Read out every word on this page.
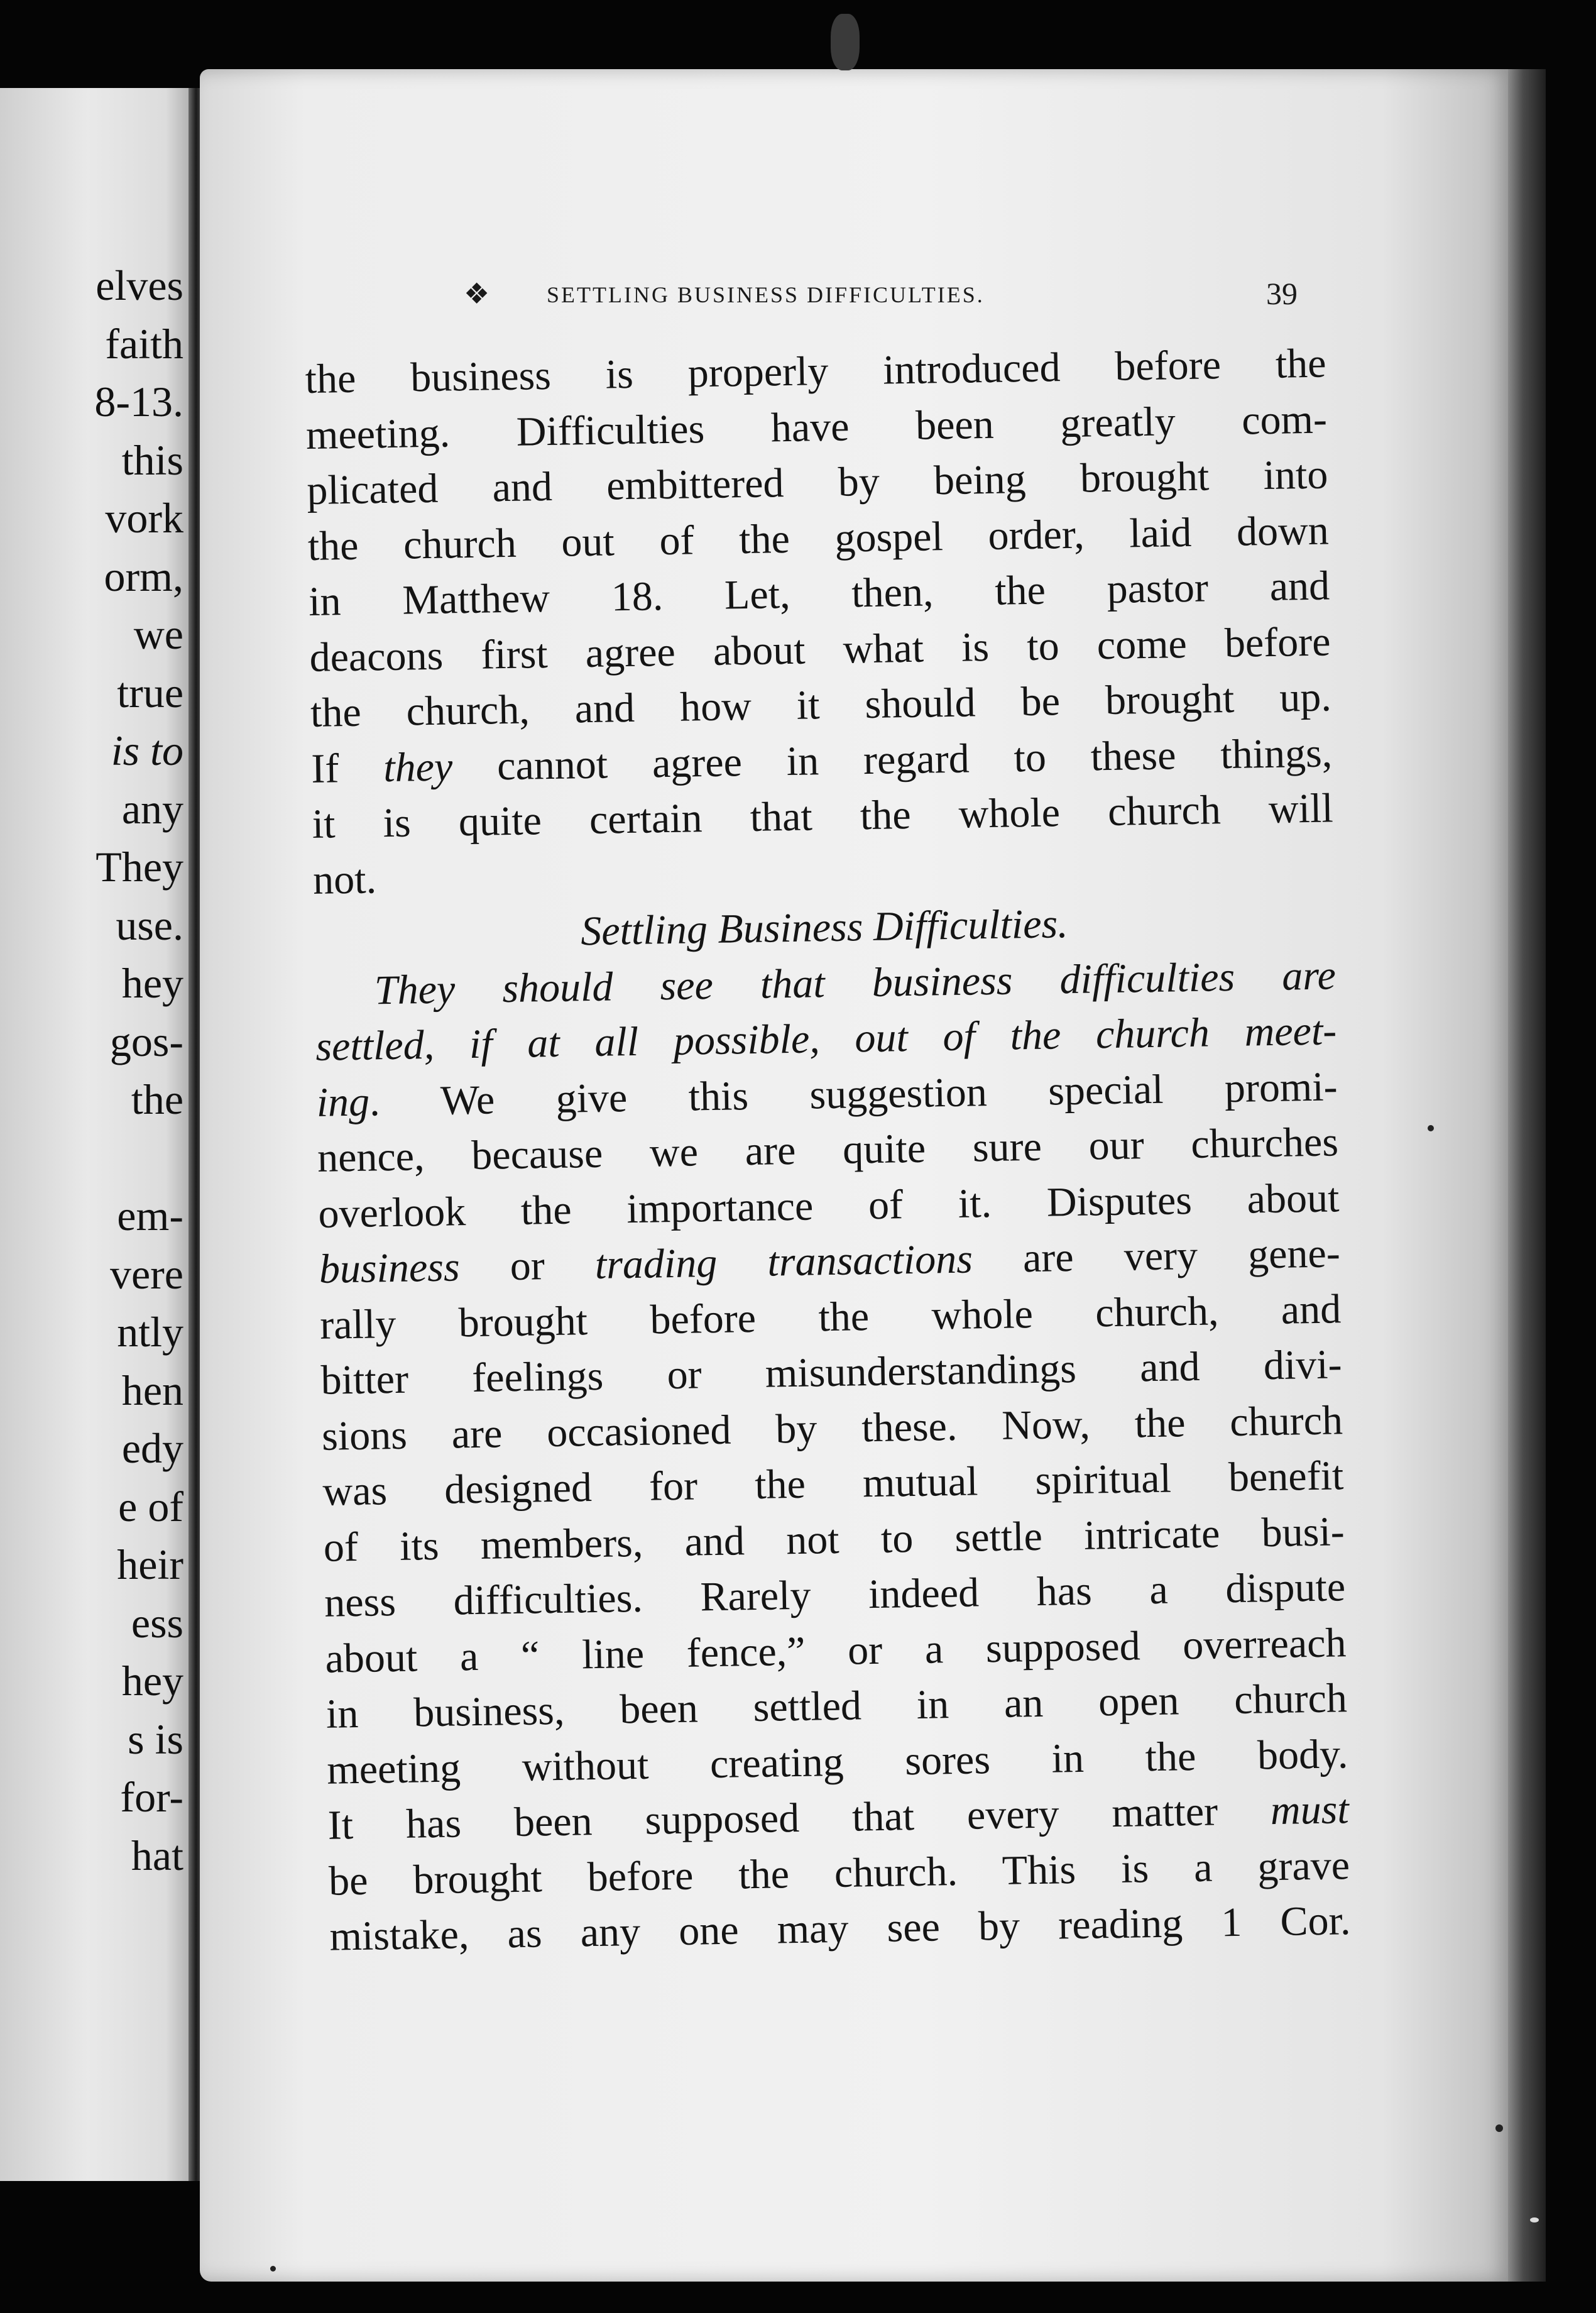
elves
faith
8-13.
this
vork
orm,
we
true
is to
any
They
use.
hey
gos-
the
em-
vere
ntly
hen
edy
e of
heir
ess
hey
s is
for-
hat
❖	SETTLING BUSINESS DIFFICULTIES.	39
the business is properly introduced before the
meeting. Difficulties have been greatly com-
plicated and embittered by being brought into
the church out of the gospel order, laid down
in Matthew 18. Let, then, the pastor and
deacons first agree about what is to come before
the church, and how it should be brought up.
If they cannot agree in regard to these things,
it is quite certain that the whole church will
not.
Settling Business Difficulties.
They should see that business difficulties are
settled, if at all possible, out of the church meet-
ing. We give this suggestion special promi-
nence, because we are quite sure our churches
overlook the importance of it. Disputes about
business or trading transactions are very gene-
rally brought before the whole church, and
bitter feelings or misunderstandings and divi-
sions are occasioned by these. Now, the church
was designed for the mutual spiritual benefit
of its members, and not to settle intricate busi-
ness difficulties. Rarely indeed has a dispute
about a “ line fence,” or a supposed overreach
in business, been settled in an open church
meeting without creating sores in the body.
It has been supposed that every matter must
be brought before the church. This is a grave
mistake, as any one may see by reading 1 Cor.
